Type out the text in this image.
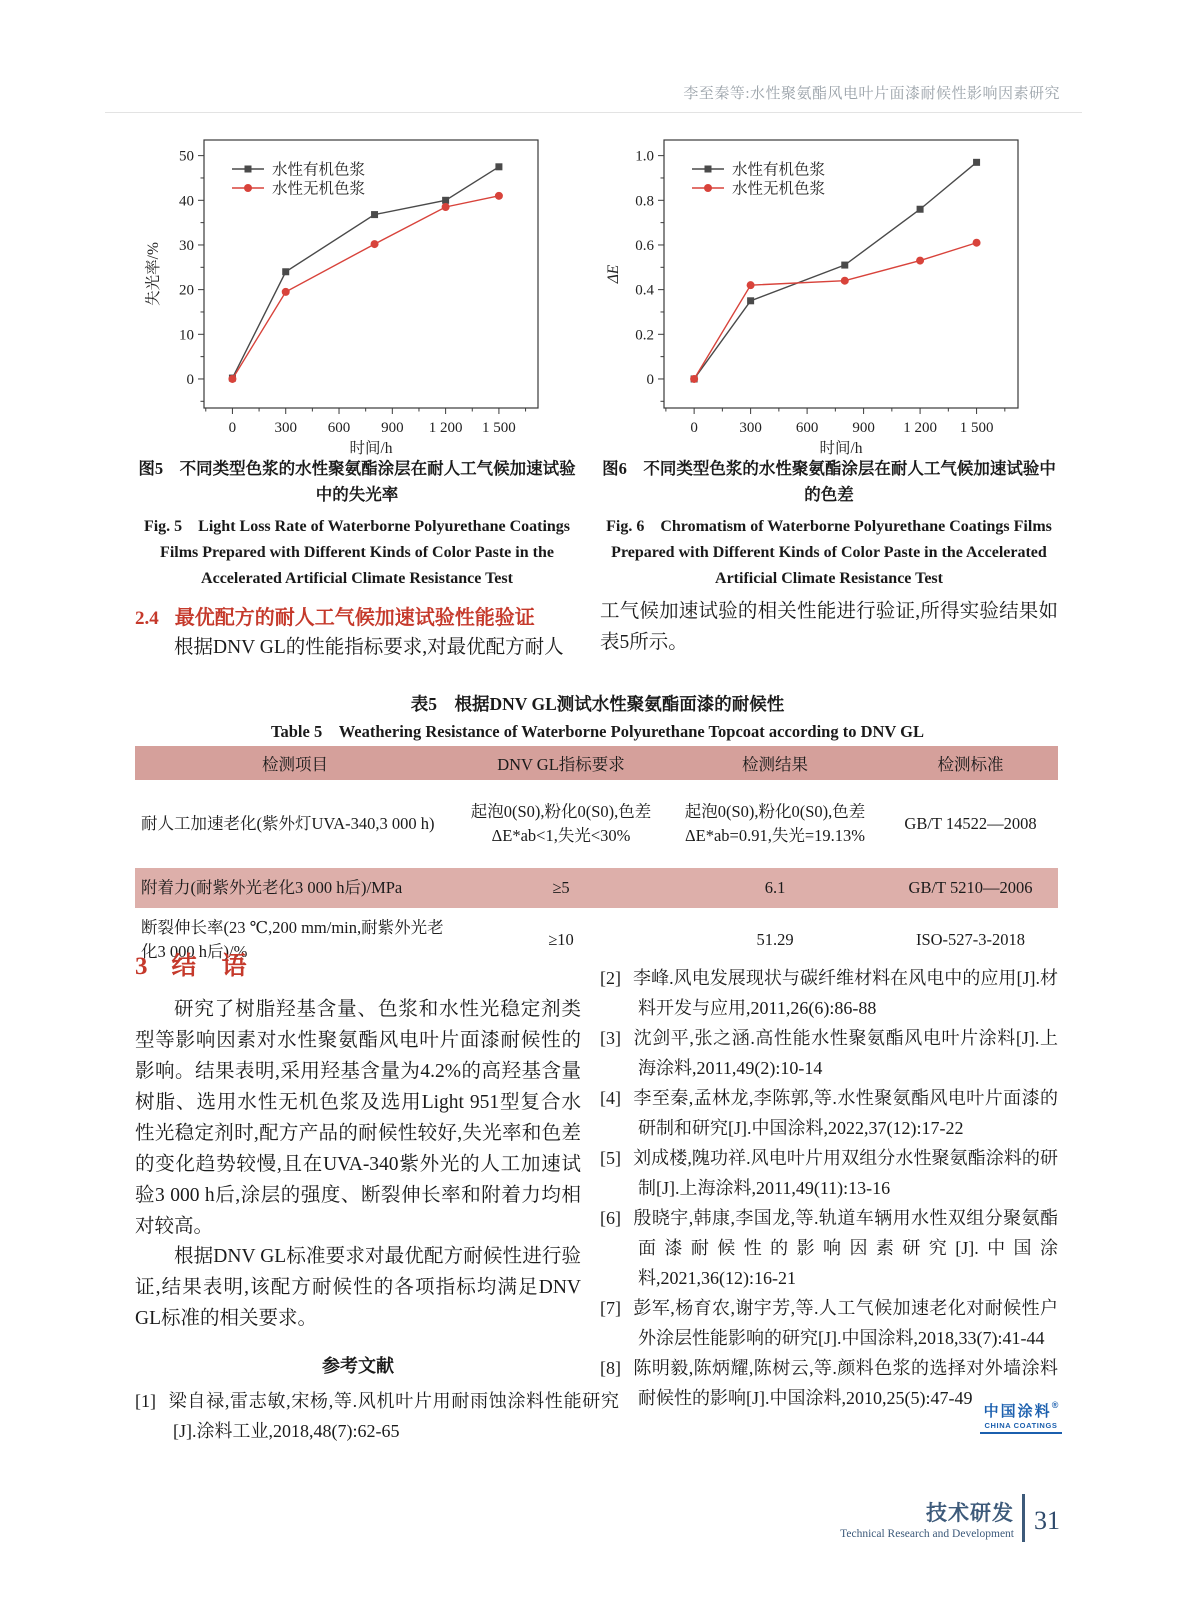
李至秦等:水性聚氨酯风电叶片面漆耐候性影响因素研究
0	300 600 900 1 200 1 500
0
10
20
30
40
50
时间/h
失光率/%
水性有机色浆
水性无机色浆
0	300 600 900 1 200 1 500
0
0.2
0.4
0.6
0.8
1.0
时间/h
ΔE
水性有机色浆
水性无机色浆
图5　不同类型色浆的水性聚氨酯涂层在耐人工气候加速试验中的失光率
Fig. 5　Light Loss Rate of Waterborne Polyurethane Coatings Films Prepared with Different Kinds of Color Paste in the Accelerated Artificial Climate Resistance Test
图6　不同类型色浆的水性聚氨酯涂层在耐人工气候加速试验中的色差
Fig. 6　Chromatism of Waterborne Polyurethane Coatings Films Prepared with Different Kinds of Color Paste in the Accelerated Artificial Climate Resistance Test
2.4 最优配方的耐人工气候加速试验性能验证

根据DNV GL的性能指标要求,对最优配方耐人

工气候加速试验的相关性能进行验证,所得实验结果如表5所示。

表5　根据DNV GL测试水性聚氨酯面漆的耐候性
Table 5　Weathering Resistance of Waterborne Polyurethane Topcoat according to DNV GL
检测项目	DNV GL指标要求	检测结果	检测标准
耐人工加速老化(紫外灯UVA-340,3 000 h)	起泡0(S0),粉化0(S0),色差ΔE*ab<1,失光<30%	起泡0(S0),粉化0(S0),色差ΔE*ab=0.91,失光=19.13%	GB/T 14522—2008
附着力(耐紫外光老化3 000 h后)/MPa	≥5	6.1	GB/T 5210—2006
断裂伸长率(23 ℃,200 mm/min,耐紫外光老化3 000 h后)/%	≥10	51.29	ISO-527-3-2018
3 结　语

研究了树脂羟基含量、色浆和水性光稳定剂类型等影响因素对水性聚氨酯风电叶片面漆耐候性的影响。结果表明,采用羟基含量为4.2%的高羟基含量树脂、选用水性无机色浆及选用Light 951型复合水性光稳定剂时,配方产品的耐候性较好,失光率和色差的变化趋势较慢,且在UVA-340紫外光的人工加速试验3 000 h后,涂层的强度、断裂伸长率和附着力均相对较高。

根据DNV GL标准要求对最优配方耐候性进行验证,结果表明,该配方耐候性的各项指标均满足DNV GL标准的相关要求。

参考文献
[1] 梁自禄,雷志敏,宋杨,等.风机叶片用耐雨蚀涂料性能研究[J].涂料工业,2018,48(7):62-65
[2] 李峰.风电发展现状与碳纤维材料在风电中的应用[J].材料开发与应用,2011,26(6):86-88
[3] 沈剑平,张之涵.高性能水性聚氨酯风电叶片涂料[J].上海涂料,2011,49(2):10-14
[4] 李至秦,孟林龙,李陈郭,等.水性聚氨酯风电叶片面漆的研制和研究[J].中国涂料,2022,37(12):17-22
[5] 刘成楼,隗功祥.风电叶片用双组分水性聚氨酯涂料的研制[J].上海涂料,2011,49(11):13-16
[6] 殷晓宇,韩康,李国龙,等.轨道车辆用水性双组分聚氨酯面漆耐候性的影响因素研究[J].中国涂料,2021,36(12):16-21
[7] 彭军,杨育农,谢宇芳,等.人工气候加速老化对耐候性户外涂层性能影响的研究[J].中国涂料,2018,33(7):41-44
[8] 陈明毅,陈炳耀,陈树云,等.颜料色浆的选择对外墙涂料耐候性的影响[J].中国涂料,2010,25(5):47-49
中国涂料®
CHINA COATINGS
技术研发
Technical Research and Development 31
